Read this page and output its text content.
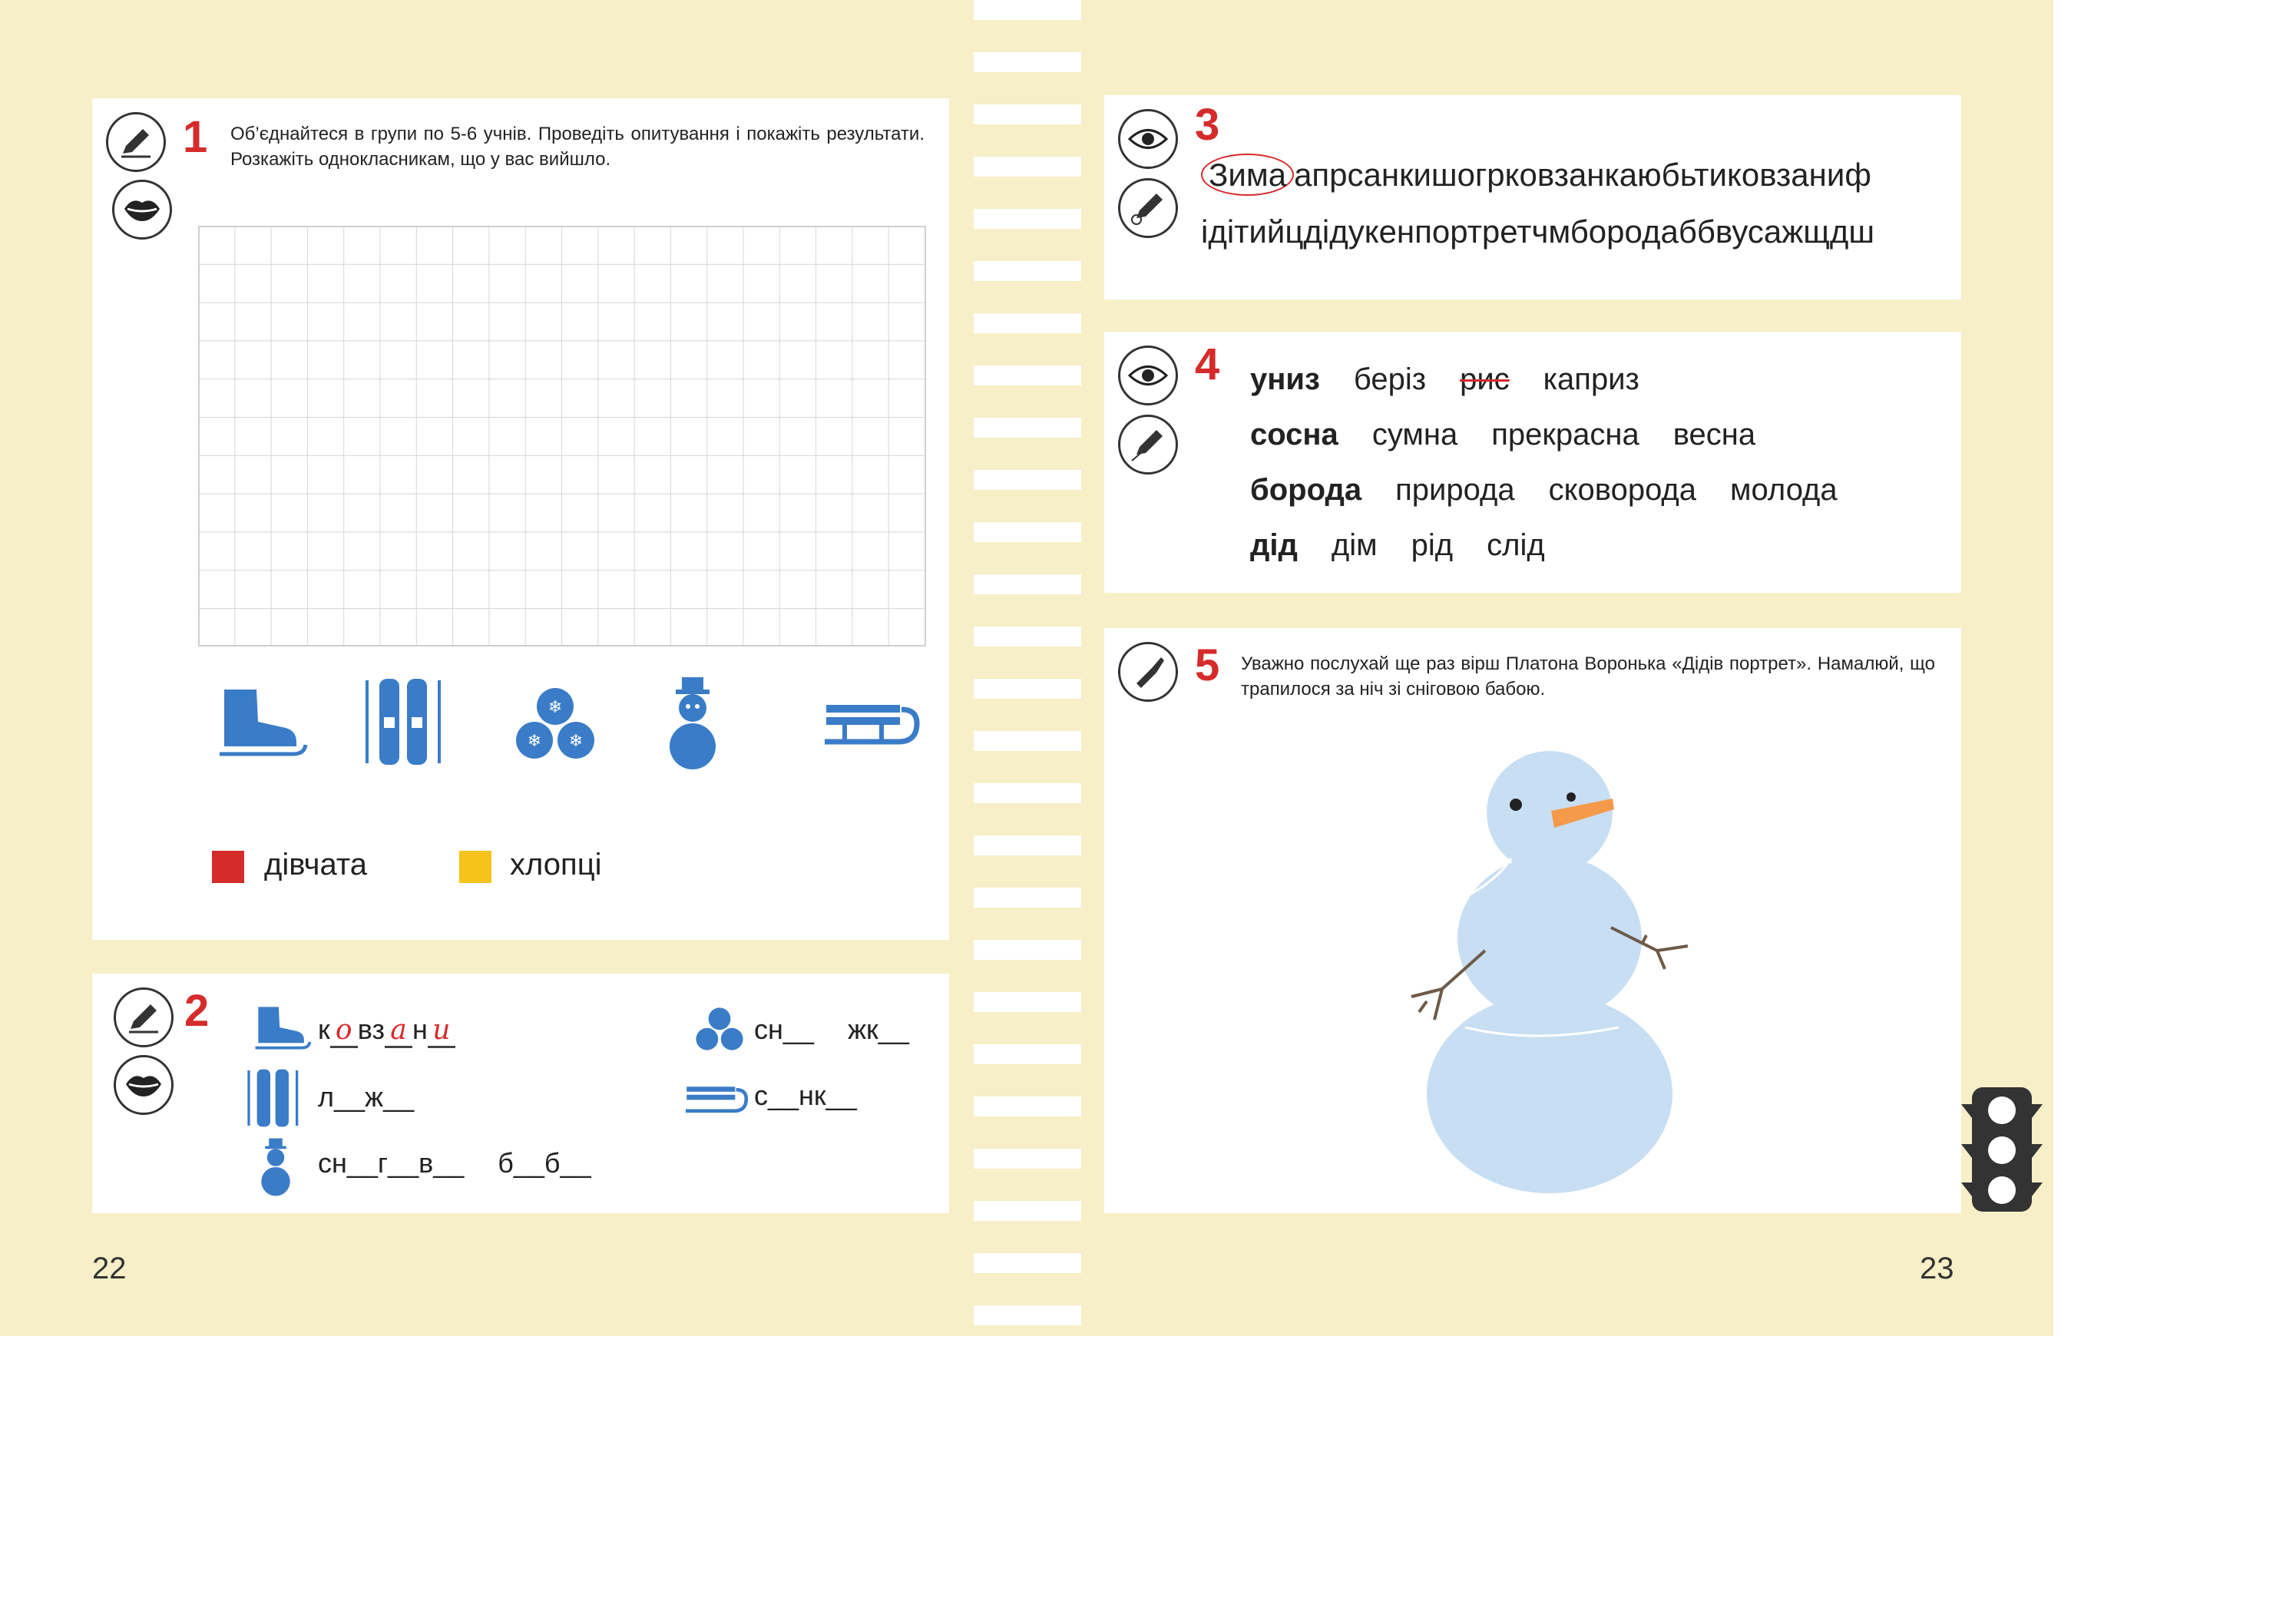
1 Об’єднайтеся в групи по 5-6 учнів. Проведіть опитування і покажіть результати. Розкажіть однокласникам, що у вас вийшло.
❄
❄ ❄
дівчата	хлопці
2	к о вз а н и
л__ж__
сн__г__в__ б__б__
сн__ жк__
с__нк__
22
3
Зима апрсанкишогрковзанкаюбьтиковзаниф
ідітийцдідукенпортретчмбородаббвусажщдш
4 униз беріз рис каприз
сосна сумна прекрасна весна
борода природа сковорода молода
дід дім рід слід
5 Уважно послухай ще раз вірш Платона Воронька «Дідів портрет». Намалюй, що трапилося за ніч зі сніговою бабою.
23
